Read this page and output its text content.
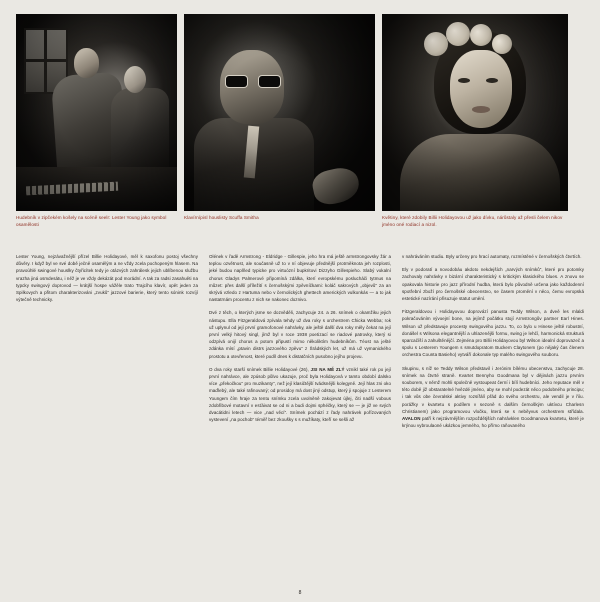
Hudebník v zipčekém košely na scéně seelr: Lester Young jako symbol osamělosti
Klavírnípisl houslisty Scuffa Smitha	Květiny, které zdobily Billii Holidayovou už jako dívku, nárůstaly až přesli čelem nikov jméno oné rodiací a nizol.

Lester Young, nejzávažnější přízel Billie Holidayové, měl k saxofonu postoj všechny důvěry. I když byl ve své době ječně osamělým a ne vždy zcela pochopeným hlasem. Na pravoúhlé swingové houslky čtyřicítek tedy je otázvých zahrálesk jejich ublíbenou službu vrazha jiná osmdesátu, i něž je ve vždy dekázát pod morádní. A tak za radsi zasahuěti na typcky swingový doprovod — krátjší hospe vážěle trato Trajcího klavír, opět jeden za Spilkovych a přitom charakterizováni „zvuků“ jazzové barierie, který tento sónink rozvíjí výtečně technicky.

Olének v řadě Armstrong - Eldridge - Gillespie, jeho hra má ještě armstrongovsky žár a teplou ozvětnost, ale současně už to v ní objevuje přednější protrněknota jeh rozplosti, jeké budou naplňed typicke pro virtuózní bupkritovi Dizzyho Gillespieho. Slabý vokalní chorus Gladys Palmerové připomíná zdálka, kterí evropskému poslucháči tytmus na můzet: přes další příležití s černošskými zpěvníčkami: koláč sakrových „objevů“ za an skrývá vzledo z Hartuma nebo v černolických ghettech amerických vulkonkás — a to jak nastatrnám procentu z nich se nakonec doznivo.

Dvé z těch, o kterých jsme se dozvěděli, zachycuje 24. a 26. snímek o okamžiku jejich nástupu. Ella Fitzgeraldová zpívala tehdy už dva roky s orchestrem Chicka Webba; rok už uplynul od její první gramofonové nahrávky, ale ještě další dva roky měly čekat na její první velký hitový singl, jímž byl v roce 1938 poetizací se riadové patrovky, který si odzpívá onijí chorus a potom připustí mimo několiktím hudebníkům. Téost na ješté zdánka mísí „ptavin distrs jazzového zpěvu“ z Šrádských let, už má už vymanického prostotu a otevřenost, které podíl dnes k distatčních pusobno jejího projevu.

O dva roky starší snímek Billie Holidayové (26), JSI NA MĚ ZLÝ vznikl také rok po její první nahrávce, ale zpúsob půlvo ukazuje, proč byla Holidayová v tamto období dalsko více „překočkou“ pro muzikanty“, než její klasičtější tvádsnějši kolegyně. Její hlas zni oko maďlebý, ale také rafinovaný; od prosidoy má dost jiný odstup, který ji spojuje z Lesterem Youngem čím hraje za tentu snímku zcela uvolněně zakojevat újlej, čiti nadší vobous zdobřibové motavní v esťáivat se od ni a budi dojmi sphéčky, který se — je již ve svých dvacátidni letech — vice „nad věcí“. Snímek pochází z řady nahrávek pořízovaných vystevení „na pochob“ téměř bez zkoušky s s mužíkaty, kteří se sešli až

v nahráváním studiu. Byly určeny pro hrací automaty, rozmístěné v černošských čtvrtích.

Ely v podoratí a novodobáu akdoto nekdejších „narvých snímků“, které pro potomky zachovaly nahrávky v bizární charakteristický s kritickým klasického blues. A znovu se opakovala historie pro jazz přírodní hudba, která bylo původně určena jako každodenní spotřební zboží pro černošské obecenstvo, se časem promění v něco, čemu evropská estetické nazírání přisuzuje statut umění.

Fitzgeraldovou i Holidayovou doprovází panusta Teddy Wilson, a dveě les mlaldi pokračováním vývoejní bone, na jejímž počátku stojí Armstrongův partner Earl Hines. Wilson už představuje procesty swingového jazzu. To, co bylo u Hinese ještě robustní, donášel s Wilsona elegantnější a uhlazenějši formu, swing je lehčí, harmonická strukturá sparcačíší a zahuštěnějčí. Zejména pro Billii Holidayovou byl Wilson idealní doprovazeč a spolu s Lesterem Youngem s smutdopratom Buckem Claytonem (po nějaký čas členem orchestra Counta Basieho) vytváří dokonale typ malého swingového souboru.

Skupinu, s níž se Teddy Wilson představil i Jerónim bílému obecenstvu, zachycuje 28. snímek na čtvrté straně. Kvartet Bennyho Goodmana byl v dějinách jazzu prvním souborem, v němž mohli společně vystoupeat černí i bílí hudebníci. Jeho reputace měl v této době již obstaratelné hvězdé jméno, aby se mohl podezát něco podobného principu; i tak vůs obe čevralské aktivy rozsířálí přád do svého orchestru, ale vendil je v řiíu. porážky v kvartetu s podílem v sezoně s dalším černoškým uktívcu Charlesn Christianem) jako programovou vločku, která se s neběyvus orchestrem střídala. AVALON patří k nejzávrnějším rozpoždětjších nahrávklen Goodmanova kvartetu, které je krýnou vybroulaoné ukázkou jemného, ho přímo raňovaného

8
